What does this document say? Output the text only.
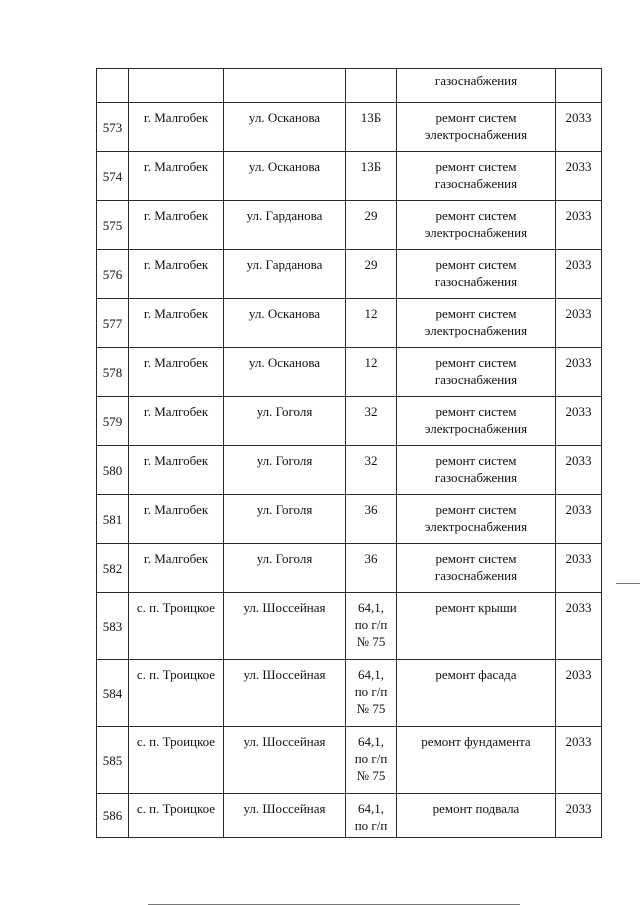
				газоснабжения	
573	г. Малгобек	ул. Осканова	13Б	ремонт систем электроснабжения	2033
574	г. Малгобек	ул. Осканова	13Б	ремонт систем газоснабжения	2033
575	г. Малгобек	ул. Гарданова	29	ремонт систем электроснабжения	2033
576	г. Малгобек	ул. Гарданова	29	ремонт систем газоснабжения	2033
577	г. Малгобек	ул. Осканова	12	ремонт систем электроснабжения	2033
578	г. Малгобек	ул. Осканова	12	ремонт систем газоснабжения	2033
579	г. Малгобек	ул. Гоголя	32	ремонт систем электроснабжения	2033
580	г. Малгобек	ул. Гоголя	32	ремонт систем газоснабжения	2033
581	г. Малгобек	ул. Гоголя	36	ремонт систем электроснабжения	2033
582	г. Малгобек	ул. Гоголя	36	ремонт систем газоснабжения	2033
583	с. п. Троицкое	ул. Шоссейная	64,1,
по г/п
№ 75	ремонт крыши	2033
584	с. п. Троицкое	ул. Шоссейная	64,1,
по г/п
№ 75	ремонт фасада	2033
585	с. п. Троицкое	ул. Шоссейная	64,1,
по г/п
№ 75	ремонт фундамента	2033
586	с. п. Троицкое	ул. Шоссейная	64,1,
по г/п	ремонт подвала	2033
